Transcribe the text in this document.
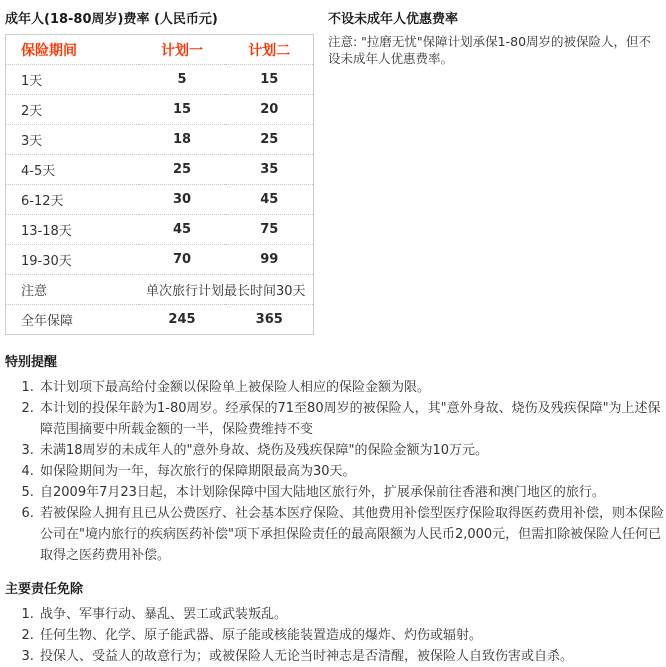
成年人(18-80周岁)费率 (人民币元)
保险期间	计划一	计划二
1天	5	15
2天	15	20
3天	18	25
4-5天	25	35
6-12天	30	45
13-18天	45	75
19-30天	70	99
注意	单次旅行计划最长时间30天	
全年保障	245	365
不设未成年人优惠费率

注意: "拉磨无忧"保障计划承保1-80周岁的被保险人，但不设未成年人优惠费率。

特别提醒
1. 本计划项下最高给付金额以保险单上被保险人相应的保险金额为限。
2. 本计划的投保年龄为1-80周岁。经承保的71至80周岁的被保险人，其"意外身故、烧伤及残疾保障"为上述保障范围摘要中所载金额的一半，保险费维持不变
3. 未满18周岁的未成年人的"意外身故、烧伤及残疾保障"的保险金额为10万元。
4. 如保险期间为一年，每次旅行的保障期限最高为30天。
5. 自2009年7月23日起，本计划除保障中国大陆地区旅行外，扩展承保前往香港和澳门地区的旅行。
6. 若被保险人拥有且已从公费医疗、社会基本医疗保险、其他费用补偿型医疗保险取得医药费用补偿，则本保险公司在"境内旅行的疾病医药补偿"项下承担保险责任的最高限额为人民币2,000元，但需扣除被保险人任何已取得之医药费用补偿。
主要责任免除
1. 战争、军事行动、暴乱、罢工或武装叛乱。
2. 任何生物、化学、原子能武器、原子能或核能装置造成的爆炸、灼伤或辐射。
3. 投保人、受益人的故意行为；或被保险人无论当时神志是否清醒，被保险人自致伤害或自杀。
